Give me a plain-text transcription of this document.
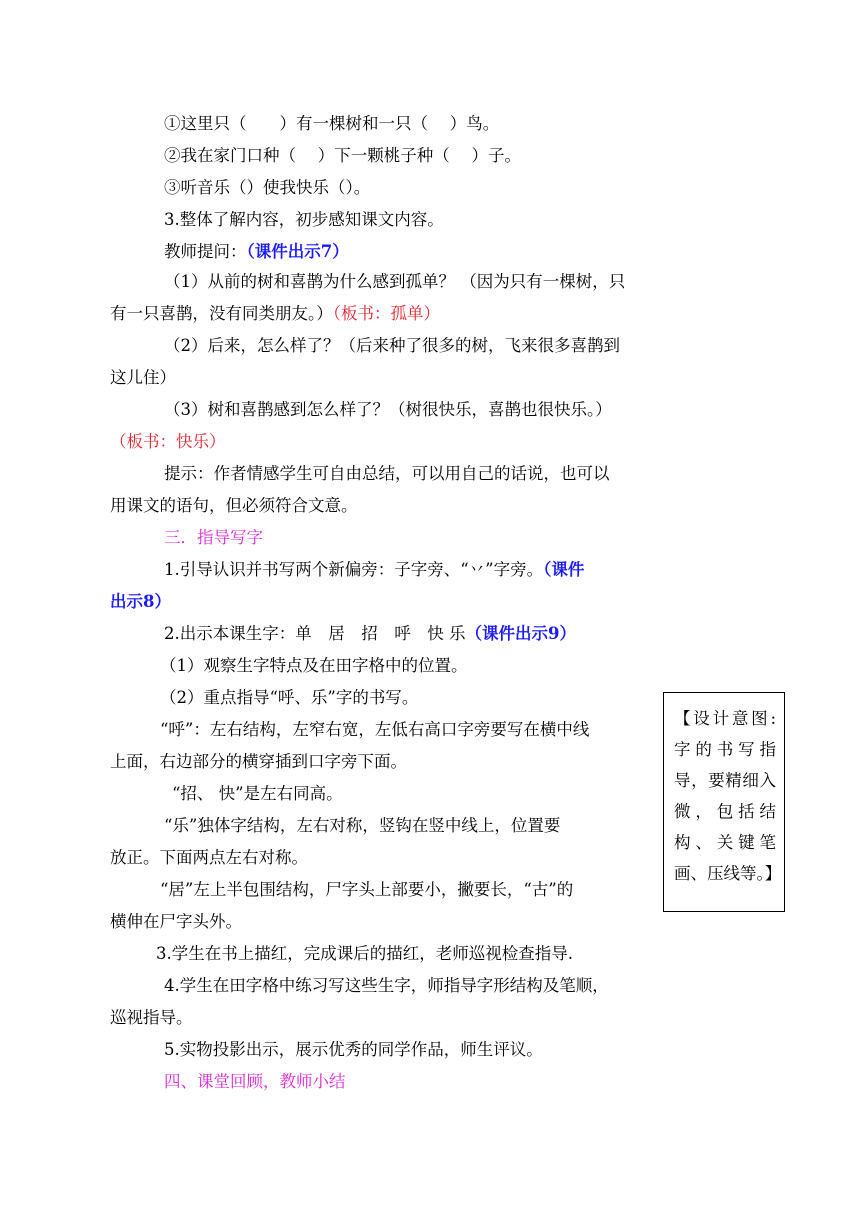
①这里只（　　）有一棵树和一只（　 ）鸟。
②我在家门口种（　 ）下一颗桃子种（　 ）子。
③听音乐（）使我快乐（）。
3.整体了解内容，初步感知课文内容。
教师提问：（课件出示7）
（1）从前的树和喜鹊为什么感到孤单？ （因为只有一棵树，只
有一只喜鹊，没有同类朋友。）（板书：孤单）
（2）后来，怎么样了？（后来种了很多的树，飞来很多喜鹊到
这儿住）
（3）树和喜鹊感到怎么样了？（树很快乐，喜鹊也很快乐。）
（板书：快乐）
提示：作者情感学生可自由总结，可以用自己的话说，也可以
用课文的语句，但必须符合文意。
三．指导写字
1.引导认识并书写两个新偏旁：子字旁、“丷”字旁。（课件
出示8）
2.出示本课生字：单　居　招　呼　快 乐（课件出示9）
（1）观察生字特点及在田字格中的位置。
（2）重点指导“呼、乐”字的书写。
“呼”：左右结构，左窄右宽，左低右高口字旁要写在横中线
上面，右边部分的横穿插到口字旁下面。
“招、 快”是左右同高。
“乐”独体字结构，左右对称，竖钩在竖中线上，位置要
放正。下面两点左右对称。
“居”左上半包围结构，尸字头上部要小，撇要长，“古”的
横伸在尸字头外。
3.学生在书上描红，完成课后的描红，老师巡视检查指导.
4.学生在田字格中练习写这些生字，师指导字形结构及笔顺，
巡视指导。
5.实物投影出示，展示优秀的同学作品，师生评议。
四、课堂回顾，教师小结
【设计意图:
字的书写指
导，要精细入
微，包括结
构、关键笔
画、压线等。】
